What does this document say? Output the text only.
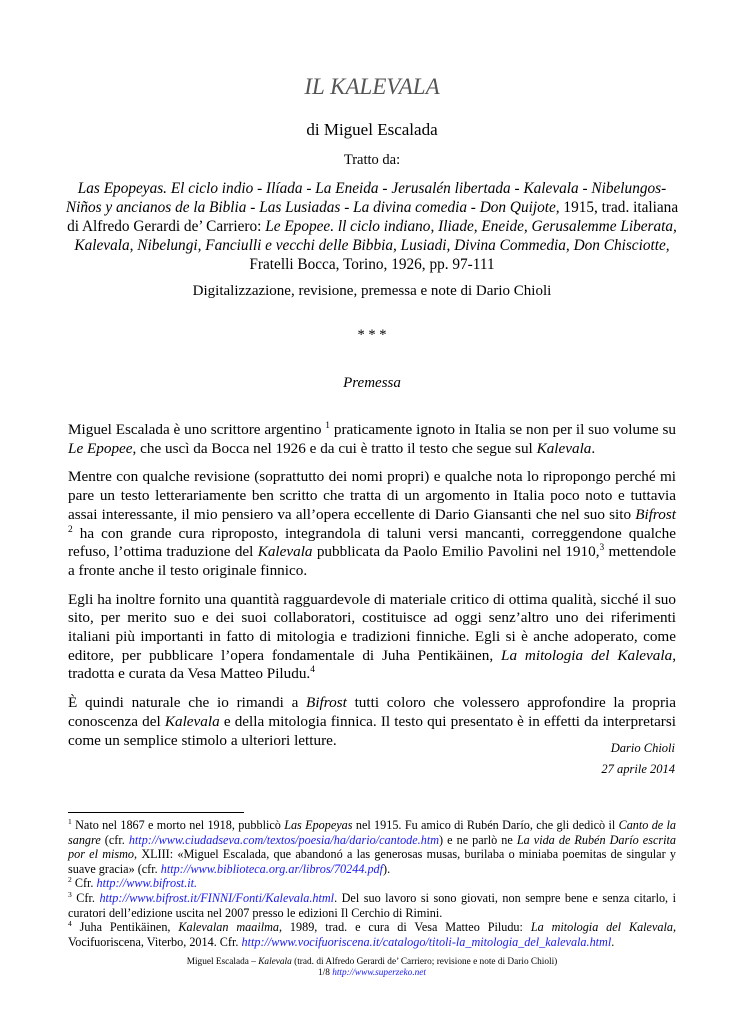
IL KALEVALA
di Miguel Escalada
Tratto da:
Las Epopeyas. El ciclo indio - Ilíada - La Eneida - Jerusalén libertada - Kalevala - Nibelungos- Niños y ancianos de la Biblia - Las Lusiadas - La divina comedia - Don Quijote, 1915, trad. italiana di Alfredo Gerardi de’ Carriero: Le Epopee. ll ciclo indiano, Iliade, Eneide, Gerusalemme Liberata, Kalevala, Nibelungi, Fanciulli e vecchi delle Bibbia, Lusiadi, Divina Commedia, Don Chisciotte, Fratelli Bocca, Torino, 1926, pp. 97-111
Digitalizzazione, revisione, premessa e note di Dario Chioli
* * *
Premessa

Miguel Escalada è uno scrittore argentino $^1$ praticamente ignoto in Italia se non per il suo volume su Le Epopee, che uscì da Bocca nel 1926 e da cui è tratto il testo che segue sul Kalevala.

Mentre con qualche revisione (soprattutto dei nomi propri) e qualche nota lo ripropongo perché mi pare un testo letterariamente ben scritto che tratta di un argomento in Italia poco noto e tuttavia assai interessante, il mio pensiero va all’opera eccellente di Dario Giansanti che nel suo sito Bifrost $^2$ ha con grande cura riproposto, integrandola di taluni versi mancanti, correggendone qualche refuso, l’ottima traduzione del Kalevala pubblicata da Paolo Emilio Pavolini nel 1910,$^3$ mettendole a fronte anche il testo originale finnico.

Egli ha inoltre fornito una quantità ragguardevole di materiale critico di ottima qualità, sicché il suo sito, per merito suo e dei suoi collaboratori, costituisce ad oggi senz’altro uno dei riferimenti italiani più importanti in fatto di mitologia e tradizioni finniche. Egli si è anche adoperato, come editore, per pubblicare l’opera fondamentale di Juha Pentikäinen, La mitologia del Kalevala, tradotta e curata da Vesa Matteo Piludu.$^4$

È quindi naturale che io rimandi a Bifrost tutti coloro che volessero approfondire la propria conoscenza del Kalevala e della mitologia finnica. Il testo qui presentato è in effetti da interpretarsi come un semplice stimolo a ulteriori letture.	Dario Chioli
27 aprile 2014

$^1$ Nato nel 1867 e morto nel 1918, pubblicò Las Epopeyas nel 1915. Fu amico di Rubén Darío, che gli dedicò il Canto de la sangre (cfr. http://www.ciudadseva.com/textos/poesia/ha/dario/cantode.htm) e ne parlò ne La vida de Rubén Darío escrita por el mismo, XLIII: «Miguel Escalada, que abandonó a las generosas musas, burilaba o miniaba poemitas de singular y suave gracia» (cfr. http://www.biblioteca.org.ar/libros/70244.pdf).

$^2$ Cfr. http://www.bifrost.it.

$^3$ Cfr. http://www.bifrost.it/FINNI/Fonti/Kalevala.html. Del suo lavoro si sono giovati, non sempre bene e senza citarlo, i curatori dell’edizione uscita nel 2007 presso le edizioni Il Cerchio di Rimini.

$^4$ Juha Pentikäinen, Kalevalan maailma, 1989, trad. e cura di Vesa Matteo Piludu: La mitologia del Kalevala, Vocifuoriscena, Viterbo, 2014. Cfr. http://www.vocifuoriscena.it/catalogo/titoli-la_mitologia_del_kalevala.html.

Miguel Escalada – Kalevala (trad. di Alfredo Gerardi de’ Carriero; revisione e note di Dario Chioli)
1/8 http://www.superzeko.net
